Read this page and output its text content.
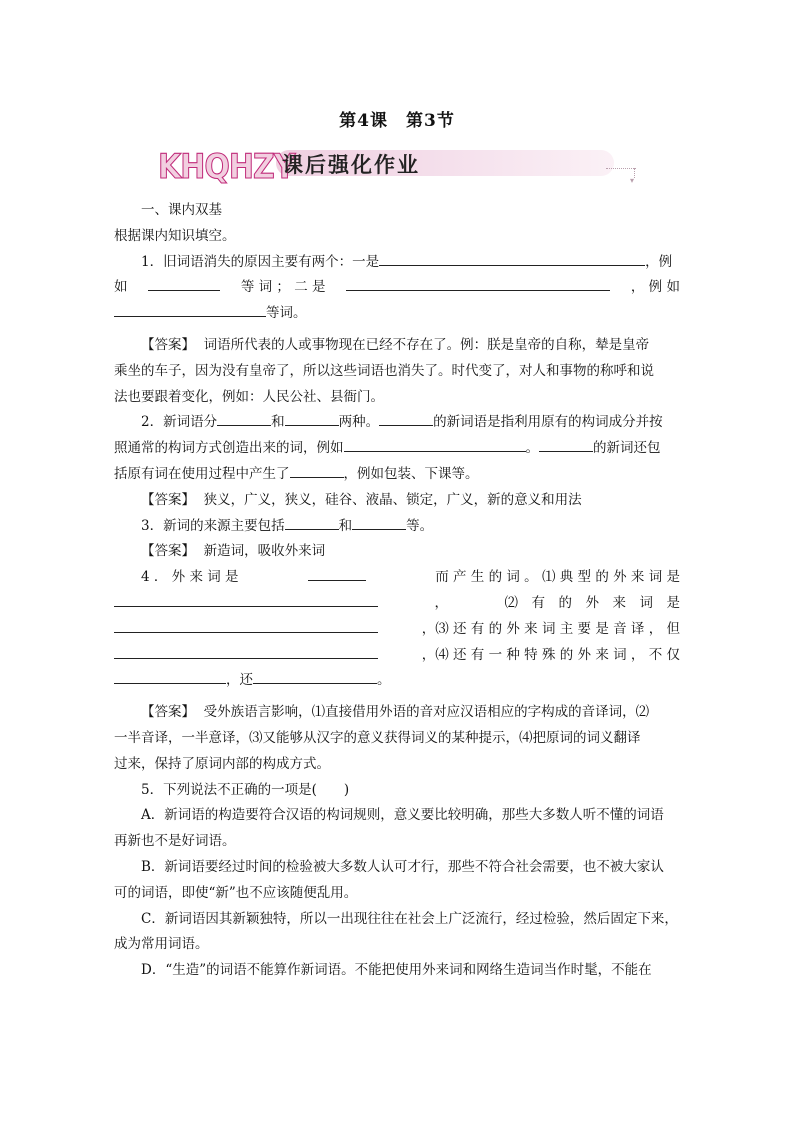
第4课　第3节
KHQHZY
课后强化作业
▾
一、课内双基
根据课内知识填空。
1．旧词语消失的原因主要有两个：一是	，例
如	等 词 ； 二 是	， 例 如
等词。
【答案】 词语所代表的人或事物现在已经不存在了。例：朕是皇帝的自称，辇是皇帝
乘坐的车子，因为没有皇帝了，所以这些词语也消失了。时代变了，对人和事物的称呼和说
法也要跟着变化，例如：人民公社、县衙门。
2．新词语分	和	两种。	的新词语是指利用原有的构词成分并按
照通常的构词方式创造出来的词，例如	。	的新词还包
括原有词在使用过程中产生了	，例如包装、下课等。
【答案】 狭义，广义，狭义，硅谷、液晶、锁定，广义，新的意义和用法
3．新词的来源主要包括	和	等。
【答案】 新造词，吸收外来词
4 ． 外 来 词 是	而 产 生 的 词 。 ⑴ 典 型 的 外 来 词 是
，	⑵　有　的　外　来　词　是
，⑶ 还 有 的 外 来 词 主 要 是 音 译 ， 但
，⑷ 还 有 一 种 特 殊 的 外 来 词 ， 不 仅
，还	。
【答案】 受外族语言影响，⑴直接借用外语的音对应汉语相应的字构成的音译词，⑵
一半音译，一半意译，⑶又能够从汉字的意义获得词义的某种提示，⑷把原词的词义翻译
过来，保持了原词内部的构成方式。
5．下列说法不正确的一项是(　　)
A．新词语的构造要符合汉语的构词规则，意义要比较明确，那些大多数人听不懂的词语
再新也不是好词语。
B．新词语要经过时间的检验被大多数人认可才行，那些不符合社会需要，也不被大家认
可的词语，即使“新”也不应该随便乱用。
C．新词语因其新颖独特，所以一出现往往在社会上广泛流行，经过检验，然后固定下来，
成为常用词语。
D．“生造”的词语不能算作新词语。不能把使用外来词和网络生造词当作时髦，不能在
